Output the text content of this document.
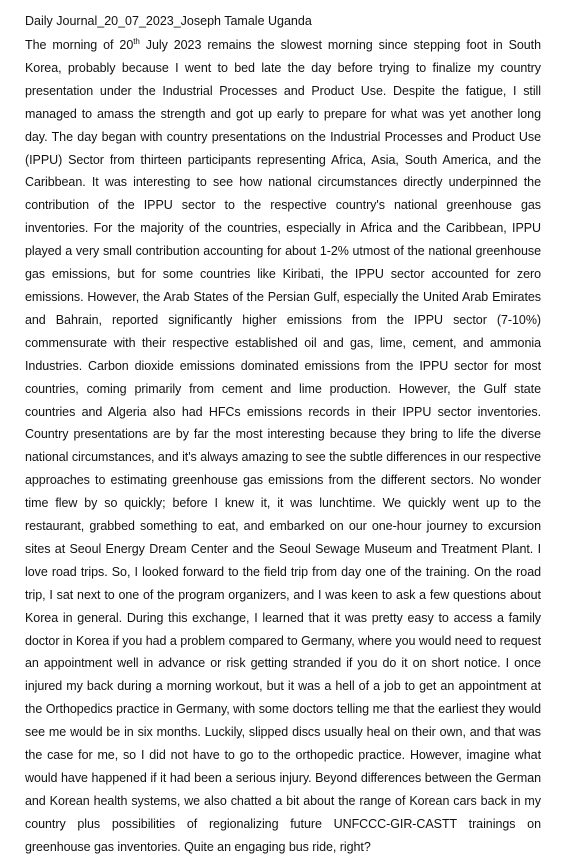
Daily Journal_20_07_2023_Joseph Tamale Uganda

The morning of 20th July 2023 remains the slowest morning since stepping foot in South Korea, probably because I went to bed late the day before trying to finalize my country presentation under the Industrial Processes and Product Use. Despite the fatigue, I still managed to amass the strength and got up early to prepare for what was yet another long day. The day began with country presentations on the Industrial Processes and Product Use (IPPU) Sector from thirteen participants representing Africa, Asia, South America, and the Caribbean. It was interesting to see how national circumstances directly underpinned the contribution of the IPPU sector to the respective country's national greenhouse gas inventories. For the majority of the countries, especially in Africa and the Caribbean, IPPU played a very small contribution accounting for about 1-2% utmost of the national greenhouse gas emissions, but for some countries like Kiribati, the IPPU sector accounted for zero emissions. However, the Arab States of the Persian Gulf, especially the United Arab Emirates and Bahrain, reported significantly higher emissions from the IPPU sector (7-10%) commensurate with their respective established oil and gas, lime, cement, and ammonia Industries. Carbon dioxide emissions dominated emissions from the IPPU sector for most countries, coming primarily from cement and lime production. However, the Gulf state countries and Algeria also had HFCs emissions records in their IPPU sector inventories. Country presentations are by far the most interesting because they bring to life the diverse national circumstances, and it's always amazing to see the subtle differences in our respective approaches to estimating greenhouse gas emissions from the different sectors. No wonder time flew by so quickly; before I knew it, it was lunchtime. We quickly went up to the restaurant, grabbed something to eat, and embarked on our one-hour journey to excursion sites at Seoul Energy Dream Center and the Seoul Sewage Museum and Treatment Plant. I love road trips. So, I looked forward to the field trip from day one of the training. On the road trip, I sat next to one of the program organizers, and I was keen to ask a few questions about Korea in general. During this exchange, I learned that it was pretty easy to access a family doctor in Korea if you had a problem compared to Germany, where you would need to request an appointment well in advance or risk getting stranded if you do it on short notice. I once injured my back during a morning workout, but it was a hell of a job to get an appointment at the Orthopedics practice in Germany, with some doctors telling me that the earliest they would see me would be in six months. Luckily, slipped discs usually heal on their own, and that was the case for me, so I did not have to go to the orthopedic practice. However, imagine what would have happened if it had been a serious injury. Beyond differences between the German and Korean health systems, we also chatted a bit about the range of Korean cars back in my country plus possibilities of regionalizing future UNFCCC-GIR-CASTT trainings on greenhouse gas inventories. Quite an engaging bus ride, right?
